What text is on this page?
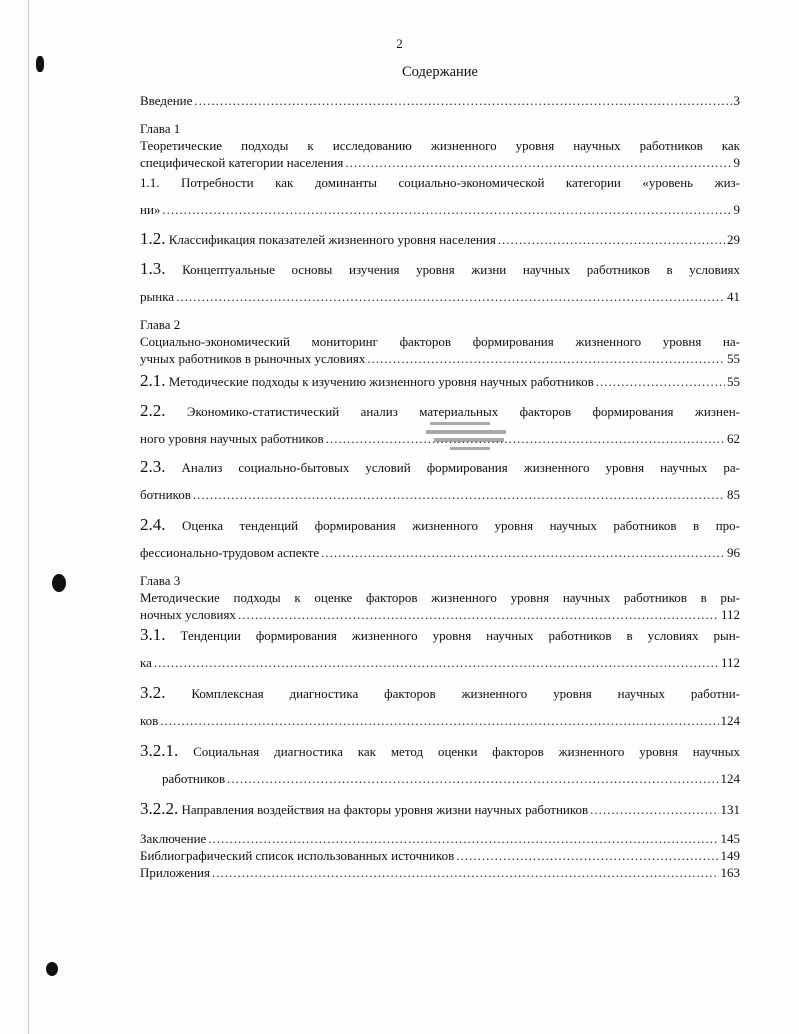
2
Содержание
Введение .....	3
Глава 1
Теоретические подходы к исследованию жизненного уровня научных работников как
специфической категории населения .....	9
1.1. Потребности как доминанты социально-экономической категории «уровень жиз-
ни» .....	9
1.2. Классификация показателей жизненного уровня населения .....	29
1.3. Концептуальные основы изучения уровня жизни научных работников в условиях
рынка .....	41
Глава 2
Социально-экономический мониторинг факторов формирования жизненного уровня на-
учных работников в рыночных условиях .....	55
2.1. Методические подходы к изучению жизненного уровня научных работников .....	55
2.2. Экономико-статистический анализ материальных факторов формирования жизнен-
ного уровня научных работников .....	62
2.3. Анализ социально-бытовых условий формирования жизненного уровня научных ра-
ботников .....	85
2.4. Оценка тенденций формирования жизненного уровня научных работников в про-
фессионально-трудовом аспекте .....	96
Глава 3
Методические подходы к оценке факторов жизненного уровня научных работников в ры-
ночных условиях .....	112
3.1. Тенденции формирования жизненного уровня научных работников в условиях рын-
ка .....	112
3.2. Комплексная диагностика факторов жизненного уровня научных работни-
ков .....	124
3.2.1. Социальная диагностика как метод оценки факторов жизненного уровня научных
работников .....	124
3.2.2. Направления воздействия на факторы уровня жизни научных работников .....	131
Заключение .....	145
Библиографический список использованных источников .....	149
Приложения .....	163
